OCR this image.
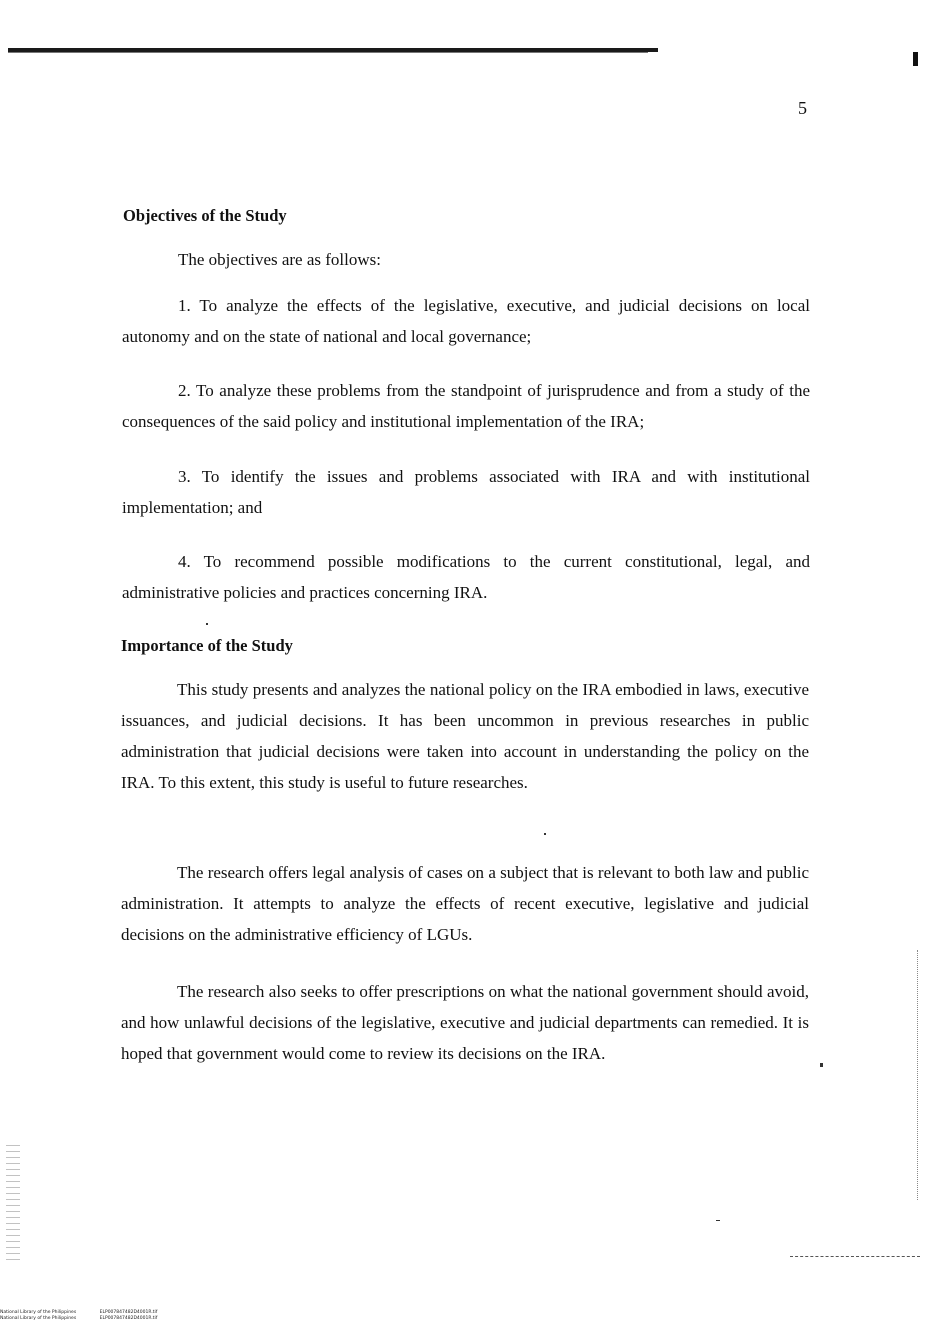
5
Objectives of the Study

The objectives are as follows:

1. To analyze the effects of the legislative, executive, and judicial decisions on local autonomy and on the state of national and local governance;

2. To analyze these problems from the standpoint of jurisprudence and from a study of the consequences of the said policy and institutional implementation of the IRA;

3. To identify the issues and problems associated with IRA and with institutional implementation; and

4. To recommend possible modifications to the current constitutional, legal, and administrative policies and practices concerning IRA.

Importance of the Study

This study presents and analyzes the national policy on the IRA embodied in laws, executive issuances, and judicial decisions. It has been uncommon in previous researches in public administration that judicial decisions were taken into account in understanding the policy on the IRA. To this extent, this study is useful to future researches.

The research offers legal analysis of cases on a subject that is relevant to both law and public administration. It attempts to analyze the effects of recent executive, legislative and judicial decisions on the administrative efficiency of LGUs.

The research also seeks to offer prescriptions on what the national government should avoid, and how unlawful decisions of the legislative, executive and judicial departments can remedied. It is hoped that government would come to review its decisions on the IRA.

National Library of the Philippines	ELP007847482D4001R.tif
National Library of the Philippines	ELP007847482D4001R.tif
